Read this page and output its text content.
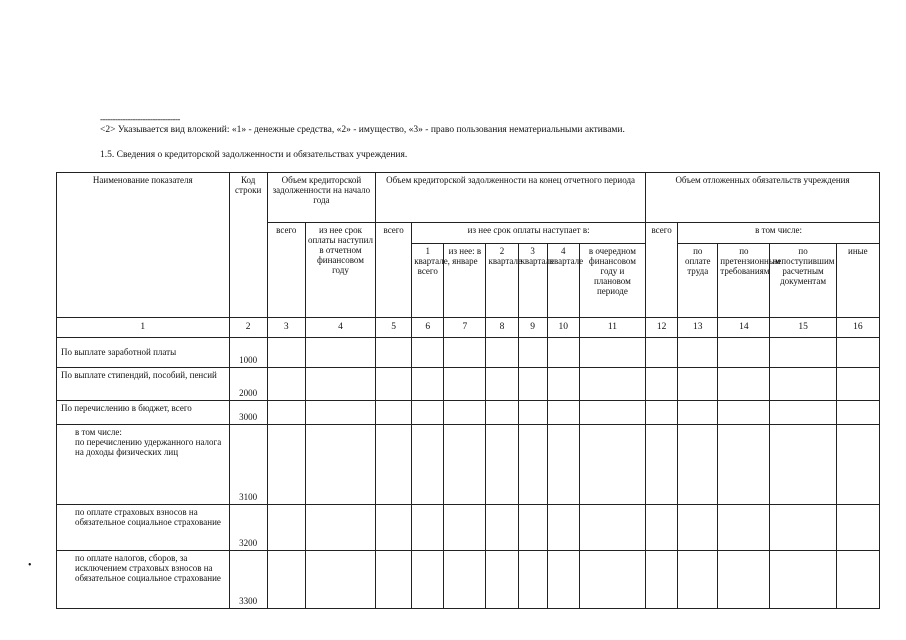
--------------------------------
<2> Указывается вид вложений: «1» - денежные средства, «2» - имущество, «3» - право пользования нематериальными активами.
1.5. Сведения о кредиторской задолженности и обязательствах учреждения.
•
Наименование показателя	Код строки	Объем кредиторской задолженности на начало года		Объем кредиторской задолженности на конец отчетного периода							Объем отложенных обязательств учреждения				
		всего	из нее срок оплаты наступил в отчетном финансовом году	всего	из нее срок оплаты наступает в:						всего	в том числе:			
					1 квартале, всего	из нее: в январе	2 квартале	3 квартале	4 квартале	в очередном финансовом году и плановом периоде		по оплате труда	по претензионным требованиям	по непоступившим расчетным документам	иные
1	2	3	4	5	6	7	8	9	10	11	12	13	14	15	16
По выплате заработной платы	1000														
По выплате стипендий, пособий, пенсий	2000														
По перечислению в бюджет, всего	3000														
в том числе:
по перечислению удержанного налога на доходы физических лиц	3100														
по оплате страховых взносов на обязательное социальное страхование	3200														
по оплате налогов, сборов, за исключением страховых взносов на обязательное социальное страхование	3300														
